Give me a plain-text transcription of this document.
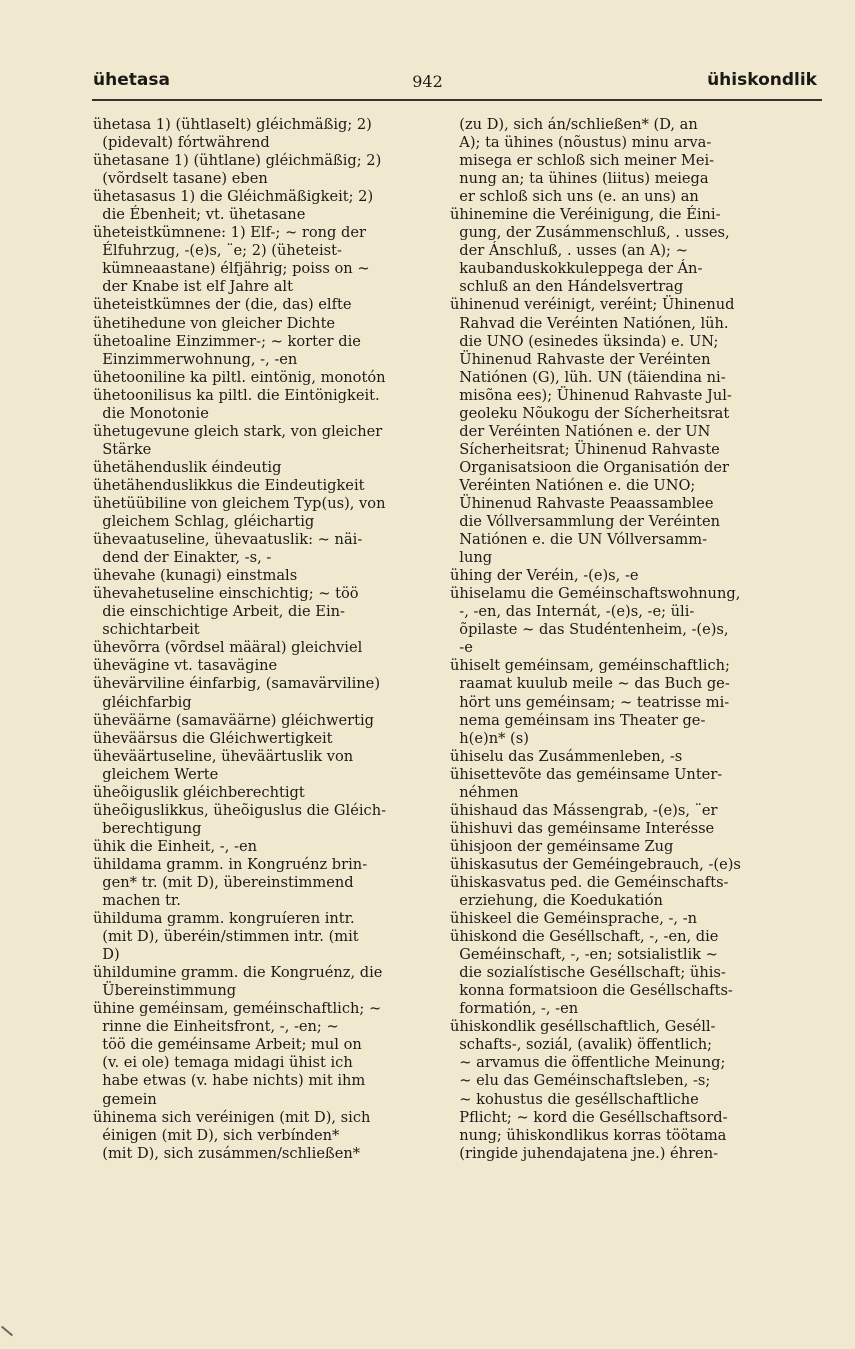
ühetasa	942	ühiskondlik
ühetasa 1) (ühtlaselt) gléichmäßig; 2)
(pidevalt) fórtwährend
ühetasane 1) (ühtlane) gléichmäßig; 2)
(võrdselt tasane) eben
ühetasasus 1) die Gléichmäßigkeit; 2)
die Ébenheit; vt. ühetasane
üheteistkümnene: 1) Elf-; ~ rong der
Élfuhrzug, -(e)s, ¨e; 2) (üheteist-
kümneaastane) élfjährig; poiss on ~
der Knabe ist elf Jahre alt
üheteistkümnes der (die, das) elfte
ühetihedune von gleicher Dichte
ühetoaline Einzimmer-; ~ korter die
Einzimmerwohnung, -, -en
ühetooniline ka piltl. eintönig, monotón
ühetoonilisus ka piltl. die Eintönigkeit.
die Monotonie
ühetugevune gleich stark, von gleicher
Stärke
ühetähenduslik éindeutig
ühetähenduslikkus die Eindeutigkeit
ühetüübiline von gleichem Typ(us), von
gleichem Schlag, gléichartig
ühevaatuseline, ühevaatuslik: ~ näi-
dend der Einakter, -s, -
ühevahe (kunagi) einstmals
ühevahetuseline einschichtig; ~ töö
die einschichtige Arbeit, die Ein-
schichtarbeit
ühevõrra (võrdsel määral) gleichviel
ühevägine vt. tasavägine
ühevärviline éinfarbig, (samavärviline)
gléichfarbig
üheväärne (samaväärne) gléichwertig
üheväärsus die Gléichwertigkeit
üheväärtuseline, üheväärtuslik von
gleichem Werte
üheõiguslik gléichberechtigt
üheõiguslikkus, üheõiguslus die Gléich-
berechtigung
ühik die Einheit, -, -en
ühildama gramm. in Kongruénz brin-
gen* tr. (mit D), übereinstimmend
machen tr.
ühilduma gramm. kongruíeren intr.
(mit D), überéin/stimmen intr. (mit
D)
ühildumine gramm. die Kongruénz, die
Übereinstimmung
ühine geméinsam, geméinschaftlich; ~
rinne die Einheitsfront, -, -en; ~
töö die geméinsame Arbeit; mul on
(v. ei ole) temaga midagi ühist ich
habe etwas (v. habe nichts) mit ihm
gemein
ühinema sich veréinigen (mit D), sich
éinigen (mit D), sich verbínden*
(mit D), sich zusámmen/schließen*
(zu D), sich án/schließen* (D, an
A); ta ühines (nõustus) minu arva-
misega er schloß sich meiner Mei-
nung an; ta ühines (liitus) meiega
er schloß sich uns (e. an uns) an
ühinemine die Veréinigung, die Éini-
gung, der Zusámmenschluß, . usses,
der Ánschluß, . usses (an A); ~
kaubanduskokkuleppega der Án-
schluß an den Hándelsvertrag
ühinenud veréinigt, veréint; Ühinenud
Rahvad die Veréinten Natiónen, lüh.
die UNO (esinedes üksinda) e. UN;
Ühinenud Rahvaste der Veréinten
Natiónen (G), lüh. UN (täiendina ni-
misõna ees); Ühinenud Rahvaste Jul-
geoleku Nõukogu der Sícherheitsrat
der Veréinten Natiónen e. der UN
Sícherheitsrat; Ühinenud Rahvaste
Organisatsioon die Organisatión der
Veréinten Natiónen e. die UNO;
Ühinenud Rahvaste Peaassamblee
die Vóllversammlung der Veréinten
Natiónen e. die UN Vóllversamm-
lung
ühing der Veréin, -(e)s, -e
ühiselamu die Geméinschaftswohnung,
-, -en, das Internát, -(e)s, -e; üli-
õpilaste ~ das Studéntenheim, -(e)s,
-e
ühiselt geméinsam, geméinschaftlich;
raamat kuulub meile ~ das Buch ge-
hört uns geméinsam; ~ teatrisse mi-
nema geméinsam ins Theater ge-
h(e)n* (s)
ühiselu das Zusámmenleben, -s
ühisettevõte das geméinsame Unter-
néhmen
ühishaud das Mássengrab, -(e)s, ¨er
ühishuvi das geméinsame Interésse
ühisjoon der geméinsame Zug
ühiskasutus der Geméingebrauch, -(e)s
ühiskasvatus ped. die Geméinschafts-
erziehung, die Koedukatión
ühiskeel die Geméinsprache, -, -n
ühiskond die Geséllschaft, -, -en, die
Geméinschaft, -, -en; sotsialistlik ~
die sozialístische Geséllschaft; ühis-
konna formatsioon die Geséllschafts-
formatión, -, -en
ühiskondlik geséllschaftlich, Geséll-
schafts-, soziál, (avalik) öffentlich;
~ arvamus die öffentliche Meinung;
~ elu das Geméinschaftsleben, -s;
~ kohustus die geséllschaftliche
Pflicht; ~ kord die Geséllschaftsord-
nung; ühiskondlikus korras töötama
(ringide juhendajatena jne.) éhren-
